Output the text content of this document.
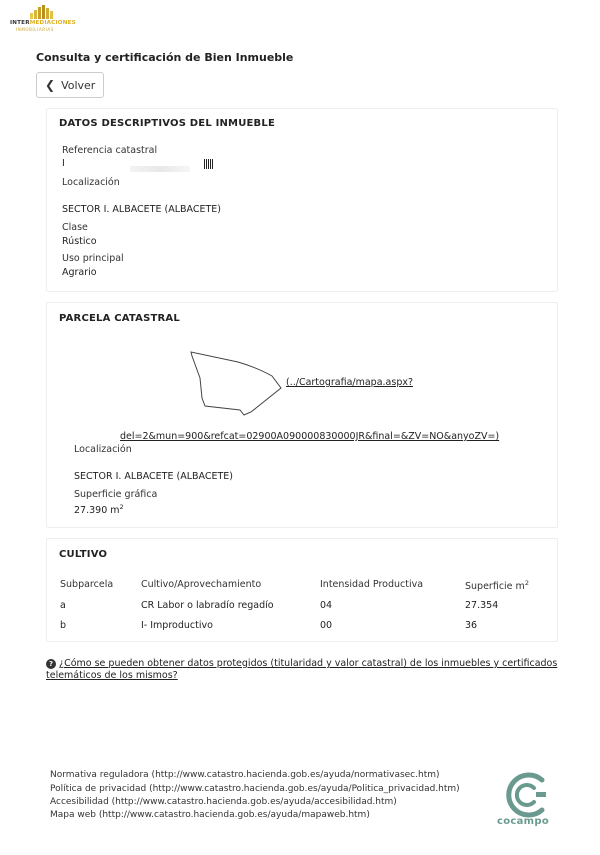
INTERMEDIACIONES
INMOBILIARIAS
Consulta y certificación de Bien Inmueble
❮ Volver
DATOS DESCRIPTIVOS DEL INMUEBLE
Referencia catastral
I
Localización
SECTOR I. ALBACETE (ALBACETE)
Clase
Rústico
Uso principal
Agrario
PARCELA CATASTRAL
(../Cartografia/mapa.aspx?
del=2&mun=900&refcat=02900A090000830000JR&final=&ZV=NO&anyoZV=)
Localización
SECTOR I. ALBACETE (ALBACETE)
Superficie gráfica
27.390 $m^2$
CULTIVO
Subparcela	Cultivo/Aprovechamiento	Intensidad Productiva	Superficie $m^2$
a	CR Labor o labradío regadío	04	27.354
b	I- Improductivo	00	36
? ¿Cómo se pueden obtener datos protegidos (titularidad y valor catastral) de los inmuebles y certificados
telemáticos de los mismos?
Normativa reguladora (http://www.catastro.hacienda.gob.es/ayuda/normativasec.htm)
Política de privacidad (http://www.catastro.hacienda.gob.es/ayuda/Politica_privacidad.htm)
Accesibilidad (http://www.catastro.hacienda.gob.es/ayuda/accesibilidad.htm)
Mapa web (http://www.catastro.hacienda.gob.es/ayuda/mapaweb.htm)
cocampo
